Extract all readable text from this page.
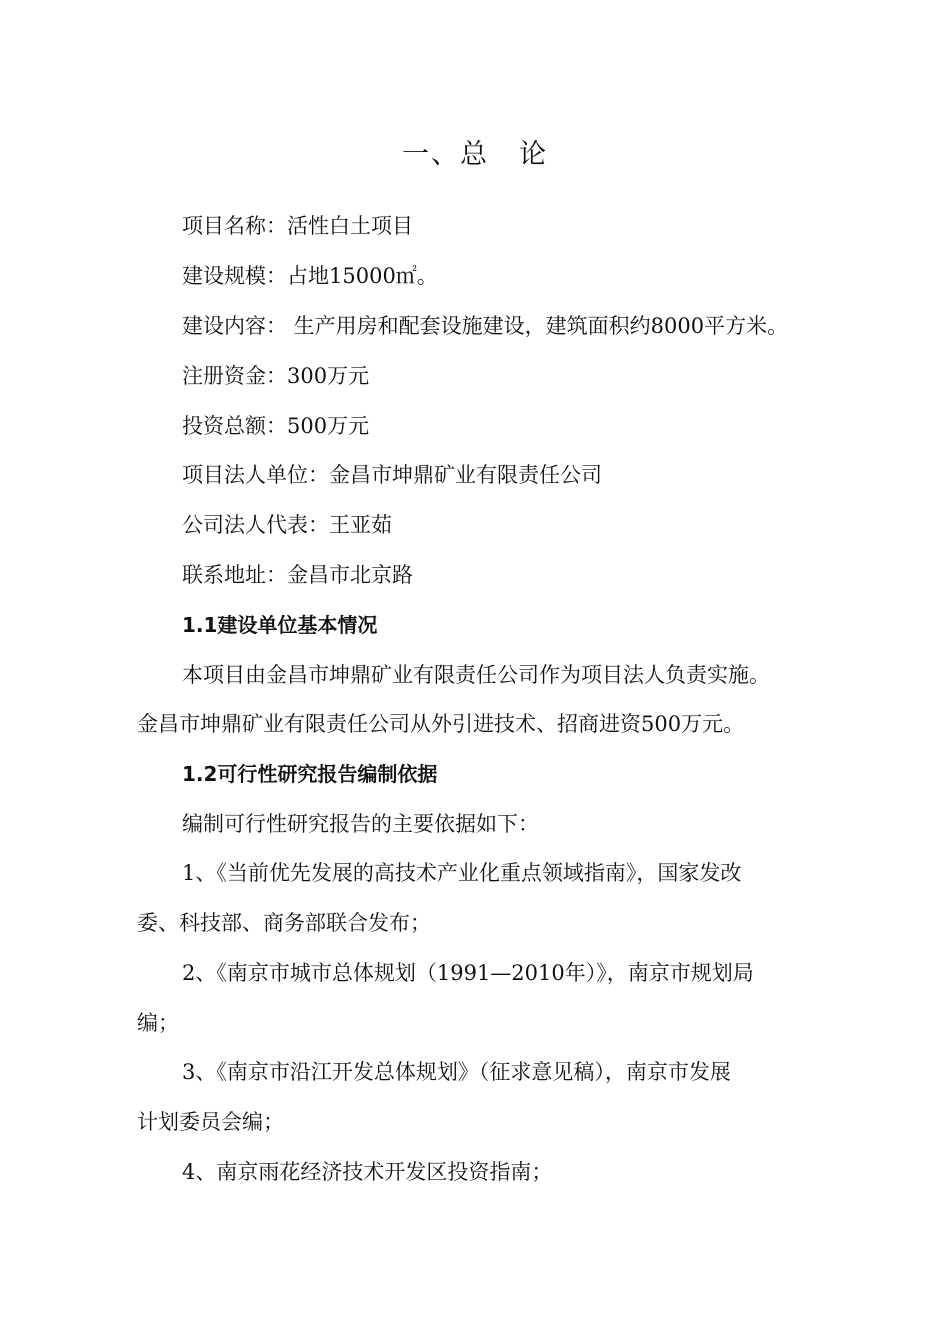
一、总 论
项目名称：活性白土项目
建设规模：占地15000㎡。
建设内容： 生产用房和配套设施建设，建筑面积约8000平方米。
注册资金：300万元
投资总额：500万元
项目法人单位：金昌市坤鼎矿业有限责任公司
公司法人代表：王亚茹
联系地址：金昌市北京路
1.1建设单位基本情况
本项目由金昌市坤鼎矿业有限责任公司作为项目法人负责实施。
金昌市坤鼎矿业有限责任公司从外引进技术、招商进资500万元。
1.2可行性研究报告编制依据
编制可行性研究报告的主要依据如下：
1、《当前优先发展的高技术产业化重点领域指南》，国家发改
委、科技部、商务部联合发布；
2、《南京市城市总体规划（1991—2010年）》，南京市规划局
编；
3、《南京市沿江开发总体规划》（征求意见稿），南京市发展
计划委员会编；
4、南京雨花经济技术开发区投资指南；
